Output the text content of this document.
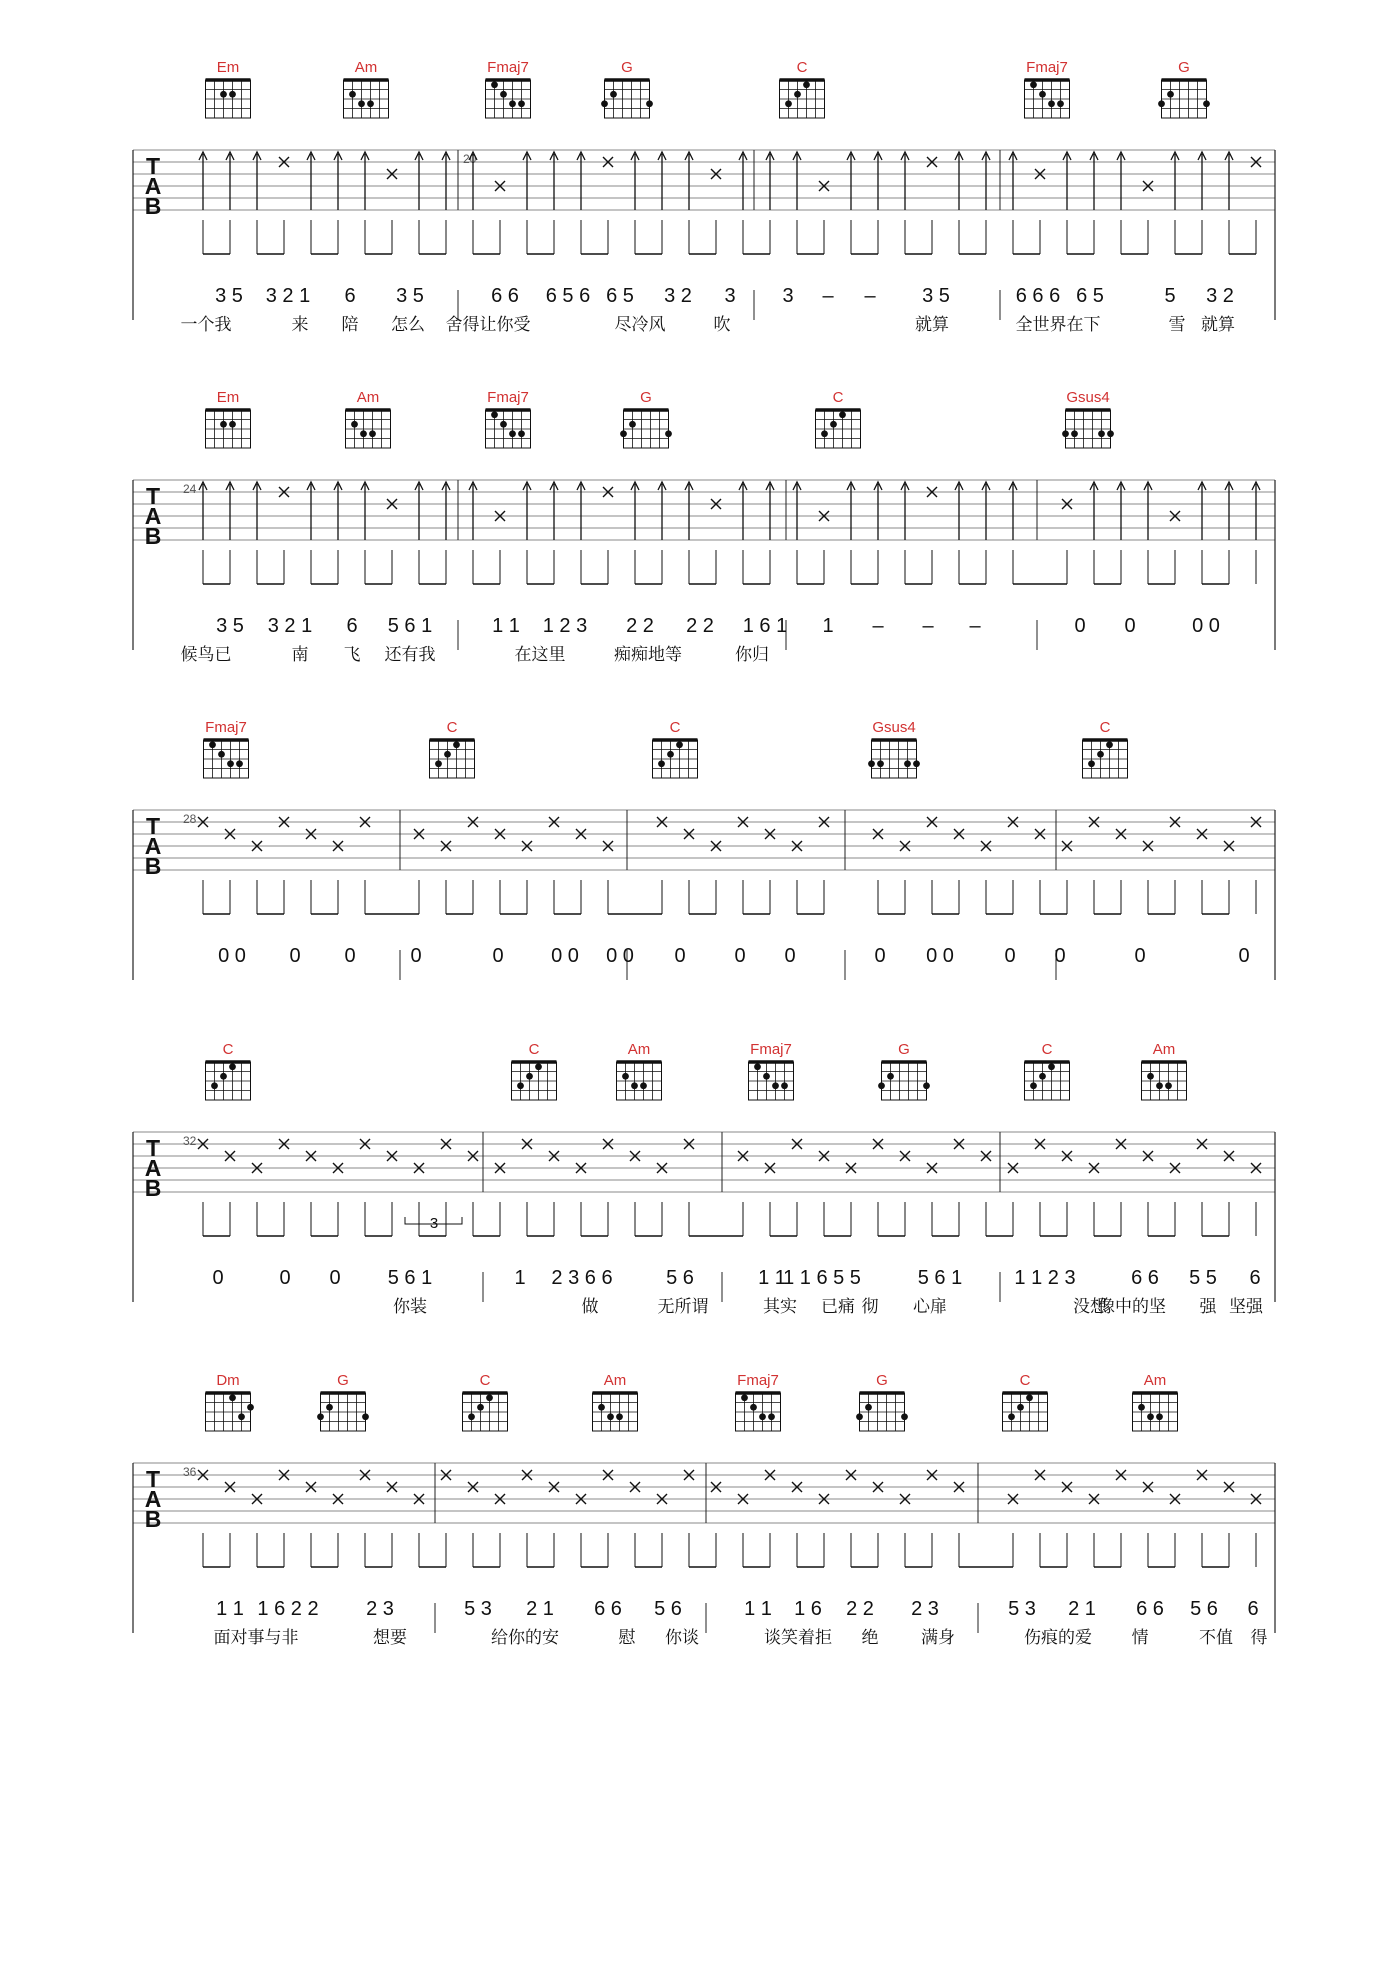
Em	Am	Fmaj7	G	C	Fmaj7	G
T
A
B
20
3 5 3 2 1 6 3 5	6 6 6 5 6 6 5 3 2 3 3 – – 3 5	6 6 6 6 5	5 3 2
一个我	来 陪 怎么 舍得让你受	尽冷风	吹	就算	全世界在下	雪 就算
Em	Am	Fmaj7	G	C	Gsus4
T
A
B
24
3 5 3 2 1 6 5 6 1	1 1 1 2 3 2 2 2 2 1 6 1 1 – – –	0 0	0 0
候鸟已	南 飞 还有我	在这里	痴痴地等	你归
Fmaj7	C	C	Gsus4	C
T
A
B
28
0 0 0 0	0	0 0 0 0 0 0 0 0	0 0 0	0 0	0	0
C	C	Am	Fmaj7	G	C	Am
T
A
B
32
0	0 0 5 6 1	1 2 3 6 6	5 6	1 1
1 1 6 5 5	5 6 1	1 1 2 3	6 6 5 5 6
你装	做	无所谓	其实 已痛 彻 心扉	没想
像中的坚 强 坚强
3
Dm	G	C	Am	Fmaj7	G	C	Am
T
A
B
36
1 1 1 6 2 2 2 3	5 3 2 1 6 6 5 6	1 1 1 6 2 2 2 3	5 3 2 1 6 6 5 6 6
面对事与非	想要	给你的安	慰 你谈	谈笑着拒 绝	满身	伤痕的爱 情	不值 得
